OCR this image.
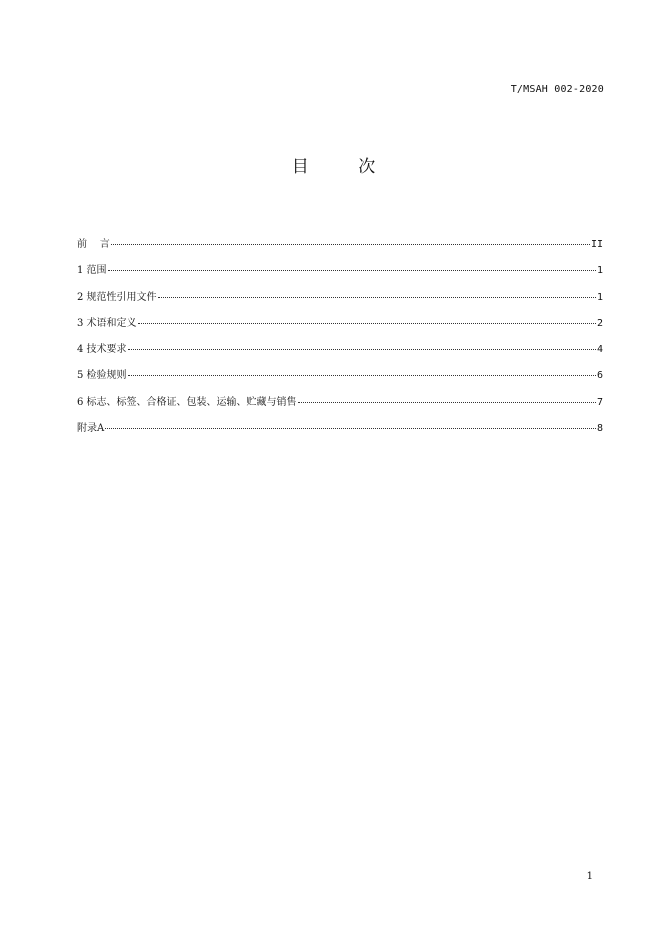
T/MSAH 002-2020
目 次
前    言	II
1 范围	1
2 规范性引用文件	1
3 术语和定义	2
4 技术要求	4
5 检验规则	6
6 标志、标签、合格证、包装、运输、贮藏与销售	7
附录A	8
1
